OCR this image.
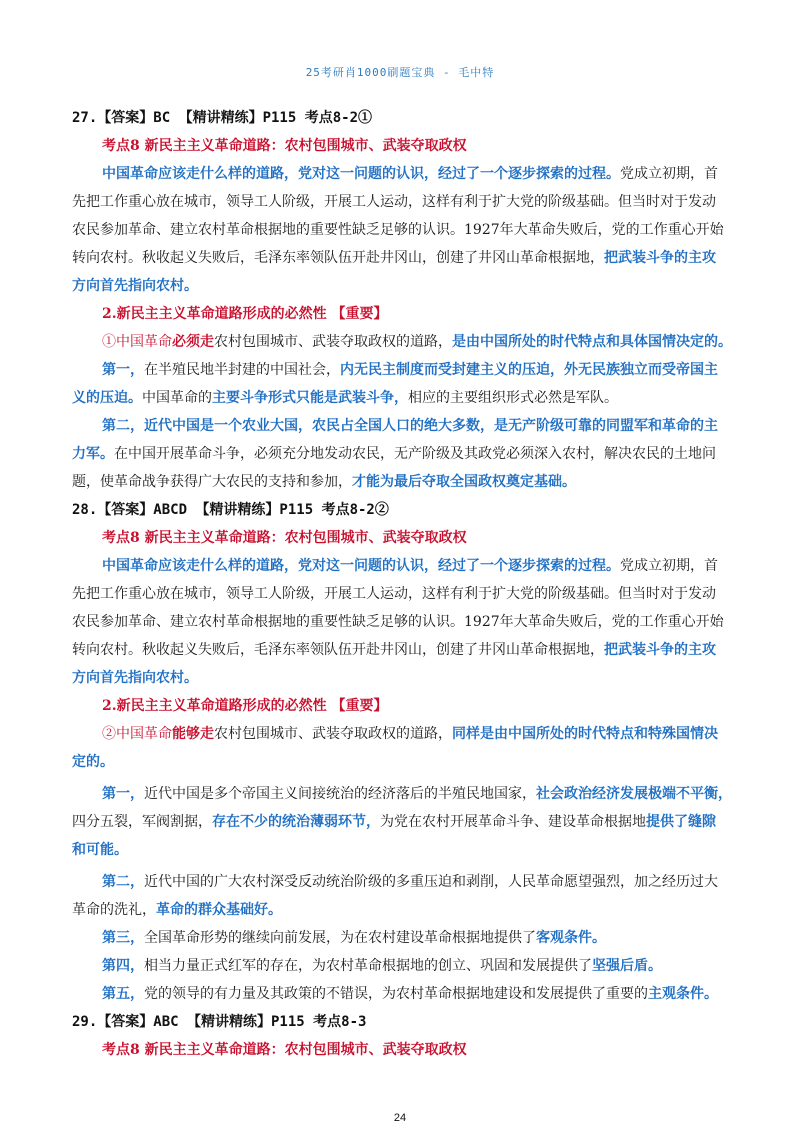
25考研肖1000刷题宝典 - 毛中特
27.【答案】BC 【精讲精练】P115 考点8-2①
考点8 新民主主义革命道路：农村包围城市、武装夺取政权
中国革命应该走什么样的道路，党对这一问题的认识，经过了一个逐步探索的过程。党成立初期，首
先把工作重心放在城市，领导工人阶级，开展工人运动，这样有利于扩大党的阶级基础。但当时对于发动
农民参加革命、建立农村革命根据地的重要性缺乏足够的认识。1927年大革命失败后，党的工作重心开始
转向农村。秋收起义失败后，毛泽东率领队伍开赴井冈山，创建了井冈山革命根据地，把武装斗争的主攻
方向首先指向农村。
2.新民主主义革命道路形成的必然性 【重要】
①中国革命必须走农村包围城市、武装夺取政权的道路，是由中国所处的时代特点和具体国情决定的。
第一，在半殖民地半封建的中国社会，内无民主制度而受封建主义的压迫，外无民族独立而受帝国主
义的压迫。中国革命的主要斗争形式只能是武装斗争，相应的主要组织形式必然是军队。
第二，近代中国是一个农业大国，农民占全国人口的绝大多数，是无产阶级可靠的同盟军和革命的主
力军。在中国开展革命斗争，必须充分地发动农民，无产阶级及其政党必须深入农村，解决农民的土地问
题，使革命战争获得广大农民的支持和参加，才能为最后夺取全国政权奠定基础。
28.【答案】ABCD 【精讲精练】P115 考点8-2②
考点8 新民主主义革命道路：农村包围城市、武装夺取政权
中国革命应该走什么样的道路，党对这一问题的认识，经过了一个逐步探索的过程。党成立初期，首
先把工作重心放在城市，领导工人阶级，开展工人运动，这样有利于扩大党的阶级基础。但当时对于发动
农民参加革命、建立农村革命根据地的重要性缺乏足够的认识。1927年大革命失败后，党的工作重心开始
转向农村。秋收起义失败后，毛泽东率领队伍开赴井冈山，创建了井冈山革命根据地，把武装斗争的主攻
方向首先指向农村。
2.新民主主义革命道路形成的必然性 【重要】
②中国革命能够走农村包围城市、武装夺取政权的道路，同样是由中国所处的时代特点和特殊国情决
定的。
第一，近代中国是多个帝国主义间接统治的经济落后的半殖民地国家，社会政治经济发展极端不平衡，
四分五裂，军阀割据，存在不少的统治薄弱环节，为党在农村开展革命斗争、建设革命根据地提供了缝隙
和可能。
第二，近代中国的广大农村深受反动统治阶级的多重压迫和剥削，人民革命愿望强烈，加之经历过大
革命的洗礼，革命的群众基础好。
第三，全国革命形势的继续向前发展，为在农村建设革命根据地提供了客观条件。
第四，相当力量正式红军的存在，为农村革命根据地的创立、巩固和发展提供了坚强后盾。
第五，党的领导的有力量及其政策的不错误，为农村革命根据地建设和发展提供了重要的主观条件。
29.【答案】ABC 【精讲精练】P115 考点8-3
考点8 新民主主义革命道路：农村包围城市、武装夺取政权
24
